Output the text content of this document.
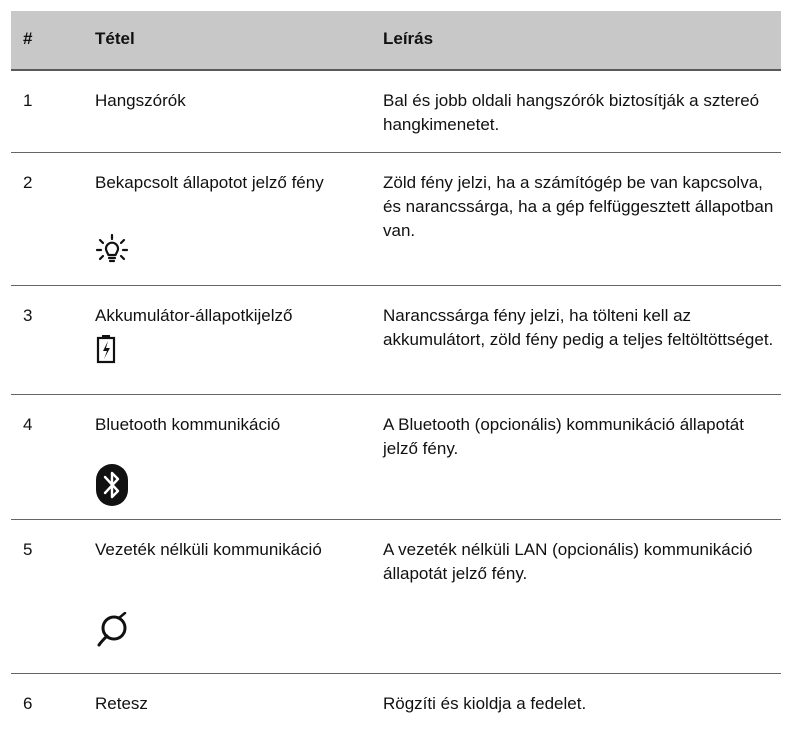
#	Tétel	Leírás
1	Hangszórók	Bal és jobb oldali hangszórók biztosítják a sztereó hangkimenetet.
2	Bekapcsolt állapotot jelző fény	Zöld fény jelzi, ha a számítógép be van kapcsolva, és narancssárga, ha a gép felfüggesztett állapotban van.
3	Akkumulátor-állapotkijelző	Narancssárga fény jelzi, ha tölteni kell az akkumulátort, zöld fény pedig a teljes feltöltöttséget.
4	Bluetooth kommunikáció	A Bluetooth (opcionális) kommunikáció állapotát jelző fény.
5	Vezeték nélküli kommunikáció	A vezeték nélküli LAN (opcionális) kommunikáció állapotát jelző fény.
6	Retesz	Rögzíti és kioldja a fedelet.
